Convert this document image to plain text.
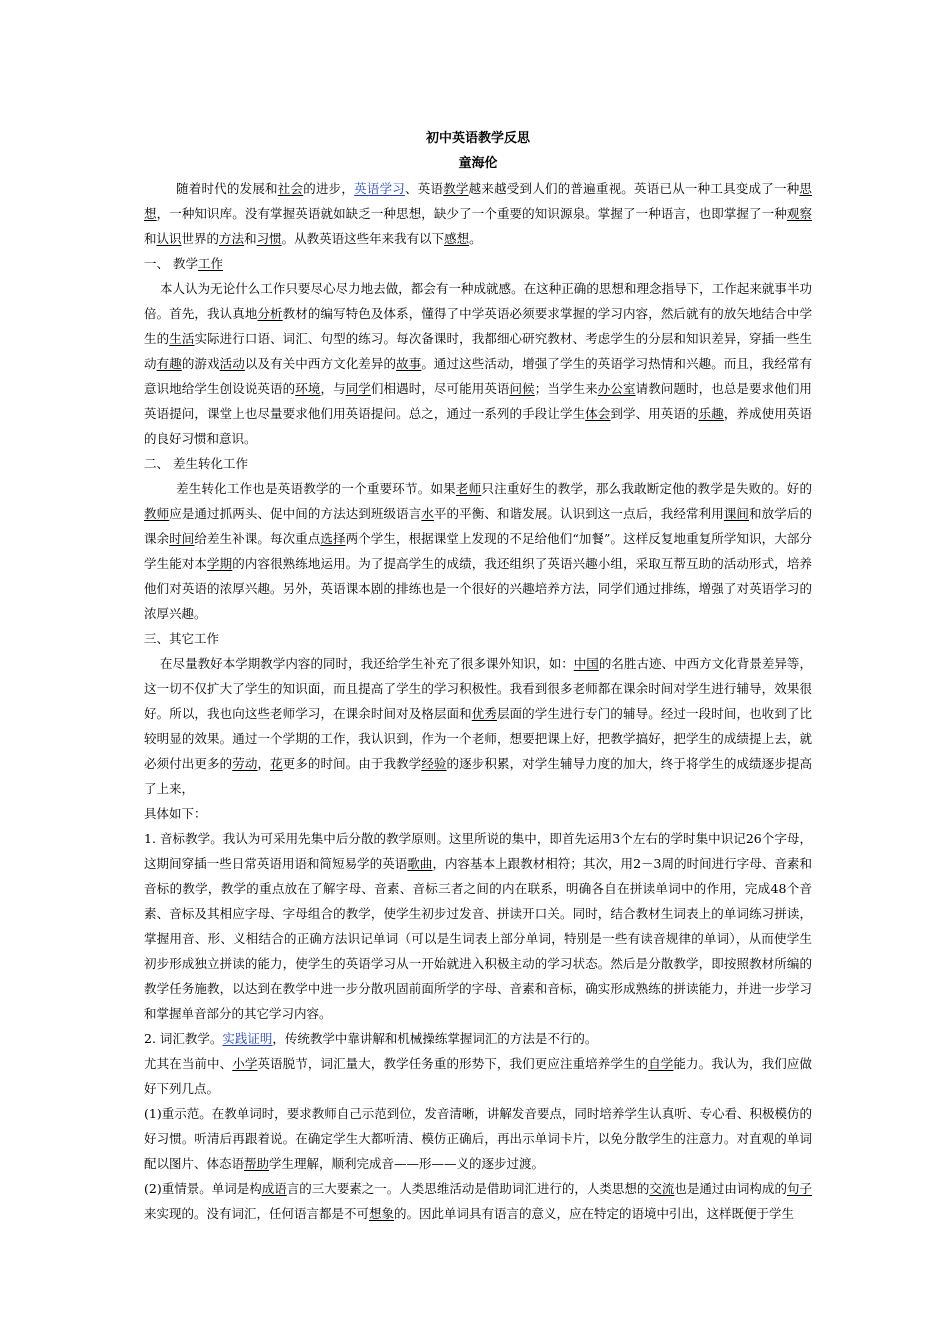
初中英语教学反思
童海伦

随着时代的发展和社会的进步，英语学习、英语教学越来越受到人们的普遍重视。英语已从一种工具变成了一种思想，一种知识库。没有掌握英语就如缺乏一种思想，缺少了一个重要的知识源泉。掌握了一种语言，也即掌握了一种观察和认识世界的方法和习惯。从教英语这些年来我有以下感想。

一、 教学工作

本人认为无论什么工作只要尽心尽力地去做，都会有一种成就感。在这种正确的思想和理念指导下，工作起来就事半功倍。首先，我认真地分析教材的编写特色及体系，懂得了中学英语必须要求掌握的学习内容，然后就有的放矢地结合中学生的生活实际进行口语、词汇、句型的练习。每次备课时，我都细心研究教材、考虑学生的分层和知识差异，穿插一些生动有趣的游戏活动以及有关中西方文化差异的故事。通过这些活动，增强了学生的英语学习热情和兴趣。而且，我经常有意识地给学生创设说英语的环境，与同学们相遇时，尽可能用英语问候；当学生来办公室请教问题时，也总是要求他们用英语提问，课堂上也尽量要求他们用英语提问。总之，通过一系列的手段让学生体会到学、用英语的乐趣，养成使用英语的良好习惯和意识。

二、 差生转化工作

差生转化工作也是英语教学的一个重要环节。如果老师只注重好生的教学，那么我敢断定他的教学是失败的。好的教师应是通过抓两头、促中间的方法达到班级语言水平的平衡、和谐发展。认识到这一点后，我经常利用课间和放学后的课余时间给差生补课。每次重点选择两个学生，根据课堂上发现的不足给他们“加餐”。这样反复地重复所学知识，大部分学生能对本学期的内容很熟练地运用。为了提高学生的成绩，我还组织了英语兴趣小组，采取互帮互助的活动形式，培养他们对英语的浓厚兴趣。另外，英语课本剧的排练也是一个很好的兴趣培养方法，同学们通过排练，增强了对英语学习的浓厚兴趣。

三、其它工作

在尽量教好本学期教学内容的同时，我还给学生补充了很多课外知识，如：中国的名胜古迹、中西方文化背景差异等，这一切不仅扩大了学生的知识面，而且提高了学生的学习积极性。我看到很多老师都在课余时间对学生进行辅导，效果很好。所以，我也向这些老师学习，在课余时间对及格层面和优秀层面的学生进行专门的辅导。经过一段时间，也收到了比较明显的效果。通过一个学期的工作，我认识到，作为一个老师，想要把课上好，把教学搞好，把学生的成绩提上去，就必须付出更多的劳动，花更多的时间。由于我教学经验的逐步积累，对学生辅导力度的加大，终于将学生的成绩逐步提高了上来，

具体如下：

1. 音标教学。我认为可采用先集中后分散的教学原则。这里所说的集中，即首先运用3个左右的学时集中识记26个字母，这期间穿插一些日常英语用语和简短易学的英语歌曲，内容基本上跟教材相符；其次，用2－3周的时间进行字母、音素和音标的教学，教学的重点放在了解字母、音素、音标三者之间的内在联系，明确各自在拼读单词中的作用，完成48个音素、音标及其相应字母、字母组合的教学，使学生初步过发音、拼读开口关。同时，结合教材生词表上的单词练习拼读，掌握用音、形、义相结合的正确方法识记单词（可以是生词表上部分单词，特别是一些有读音规律的单词），从而使学生初步形成独立拼读的能力，使学生的英语学习从一开始就进入积极主动的学习状态。然后是分散教学，即按照教材所编的教学任务施教，以达到在教学中进一步分散巩固前面所学的字母、音素和音标，确实形成熟练的拼读能力，并进一步学习和掌握单音部分的其它学习内容。

2. 词汇教学。实践证明，传统教学中靠讲解和机械操练掌握词汇的方法是不行的。

尤其在当前中、小学英语脱节，词汇量大，教学任务重的形势下，我们更应注重培养学生的自学能力。我认为，我们应做好下列几点。

(1)重示范。在教单词时，要求教师自己示范到位，发音清晰，讲解发音要点，同时培养学生认真听、专心看、积极模仿的好习惯。听清后再跟着说。在确定学生大都听清、模仿正确后，再出示单词卡片，以免分散学生的注意力。对直观的单词配以图片、体态语帮助学生理解，顺利完成音——形——义的逐步过渡。

(2)重情景。单词是构成语言的三大要素之一。人类思维活动是借助词汇进行的，人类思想的交流也是通过由词构成的句子来实现的。没有词汇，任何语言都是不可想象的。因此单词具有语言的意义，应在特定的语境中引出，这样既便于学生
